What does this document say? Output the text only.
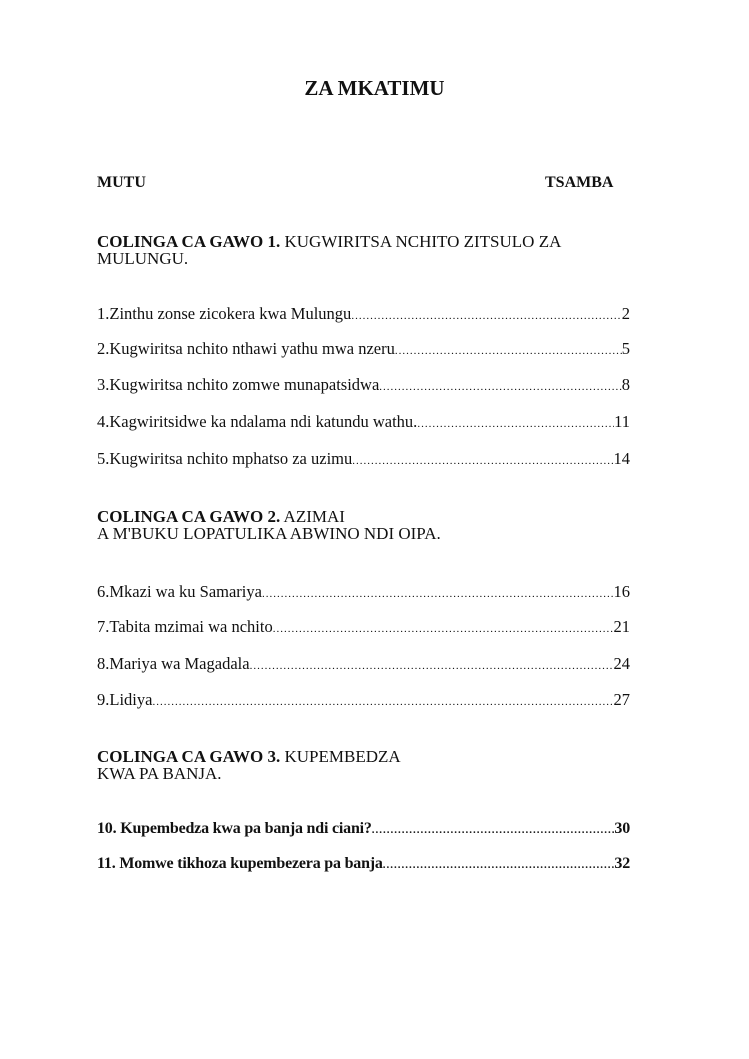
ZA MKATIMU
MUTU	TSAMBA
COLINGA CA GAWO 1. KUGWIRITSA NCHITO ZITSULO ZA
MULUNGU.
1.Zinthu zonse zicokera kwa Mulungu .....	2
2.Kugwiritsa nchito nthawi yathu mwa nzeru .....	5
3.Kugwiritsa nchito zomwe munapatsidwa .....	8
4.Kagwiritsidwe ka ndalama ndi katundu wathu. .....	11
5.Kugwiritsa nchito mphatso za uzimu .....	14
COLINGA CA GAWO 2. AZIMAI
A M'BUKU LOPATULIKA ABWINO NDI OIPA.
6.Mkazi wa ku Samariya .....	16
7.Tabita mzimai wa nchito .....	21
8.Mariya wa Magadala .....	24
9.Lidiya .....	27
COLINGA CA GAWO 3. KUPEMBEDZA
KWA PA BANJA.
10. Kupembedza kwa pa banja ndi ciani? .....	30
11. Momwe tikhoza kupembezera pa banja .....	32
